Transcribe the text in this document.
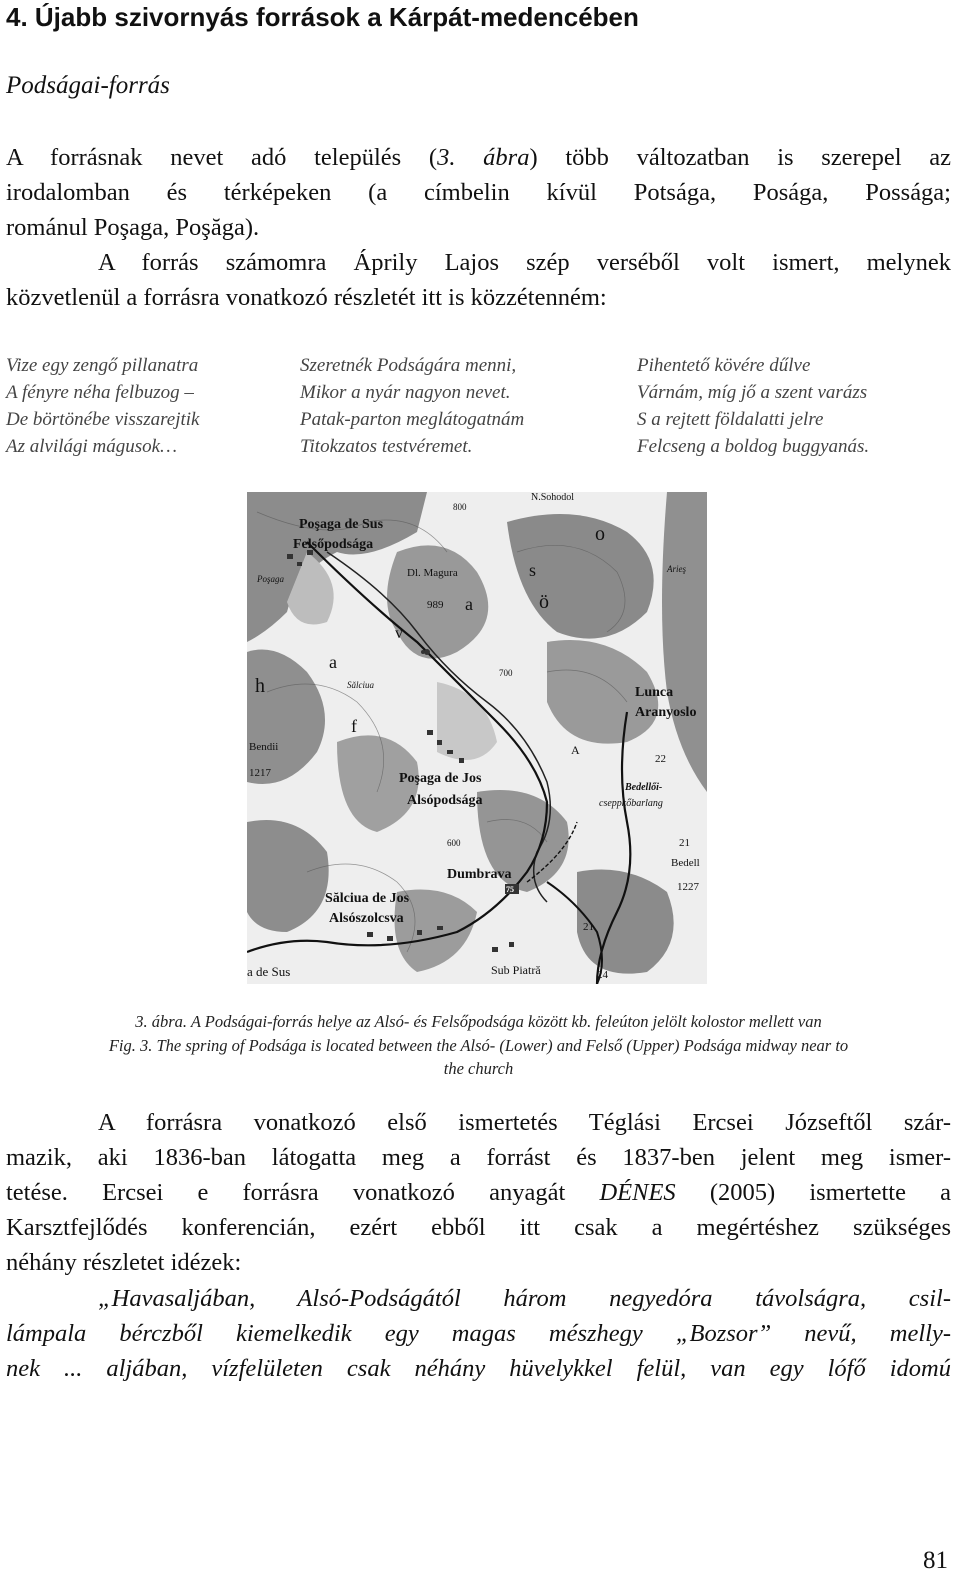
4. Újabb szivornyás források a Kárpát-medencében
Podságai-forrás
A forrásnak nevet adó település (3. ábra) több változatban is szerepel az
irodalomban és térképeken (a címbelin kívül Potsága, Posága, Posságа;
románul Poşaga, Poşăga).
A forrás számomra Áprily Lajos szép verséből volt ismert, melynek
közvetlenül a forrásra vonatkozó részletét itt is közzétenném:
Vize egy zengő pillanatra
A fényre néha felbuzog –
De börtönébe visszarejtik
Az alvilági mágusok…
Szeretnék Podságára menni,
Mikor a nyár nagyon nevet.
Patak-parton meglátogatnám
Titokzatos testvéremet.
Pihentető kövére dűlve
Várnám, míg jő a szent varázs
S a rejtett földalatti jelre
Felcseng a boldog buggyanás.
Poşaga de Sus
Felsőpodsága
Dl. Magura
989
Lunca
Aranyoslo
Bendii
1217	Poşaga de Jos
Alsópodsága
22
Bedellői-
cseppkőbarlang
21
Bedell
1227
Dumbrava
75
Sălciua de Jos
Alsószolcsva
21
24
a de Sus	Sub Piatră
o
s
ö
a
v
a
h
f
A
800
700
600
Sălciua
Poşaga
N.Sohodol
Arieş
3. ábra. A Podságai-forrás helye az Alsó- és Felsőpodsága között kb. feleúton jelölt kolostor mellett van
Fig. 3. The spring of Podsága is located between the Alsó- (Lower) and Felső (Upper) Podsága midway near to
the church
A forrásra vonatkozó első ismertetés Téglási Ercsei Józseftől szár-
mazik, aki 1836-ban látogatta meg a forrást és 1837-ben jelent meg ismer-
tetése. Ercsei e forrásra vonatkozó anyagát DÉNES (2005) ismertette a
Karsztfejlődés konferencián, ezért ebből itt csak a megértéshez szükséges
néhány részletet idézek:
„Havasaljában, Alsó-Podságától három negyedóra távolságra, csil-
lámpala bérczből kiemelkedik egy magas mészhegy „Bozsor” nevű, melly-
nek ... aljában, vízfelületen csak néhány hüvelykkel felül, van egy lófő idomú
81
